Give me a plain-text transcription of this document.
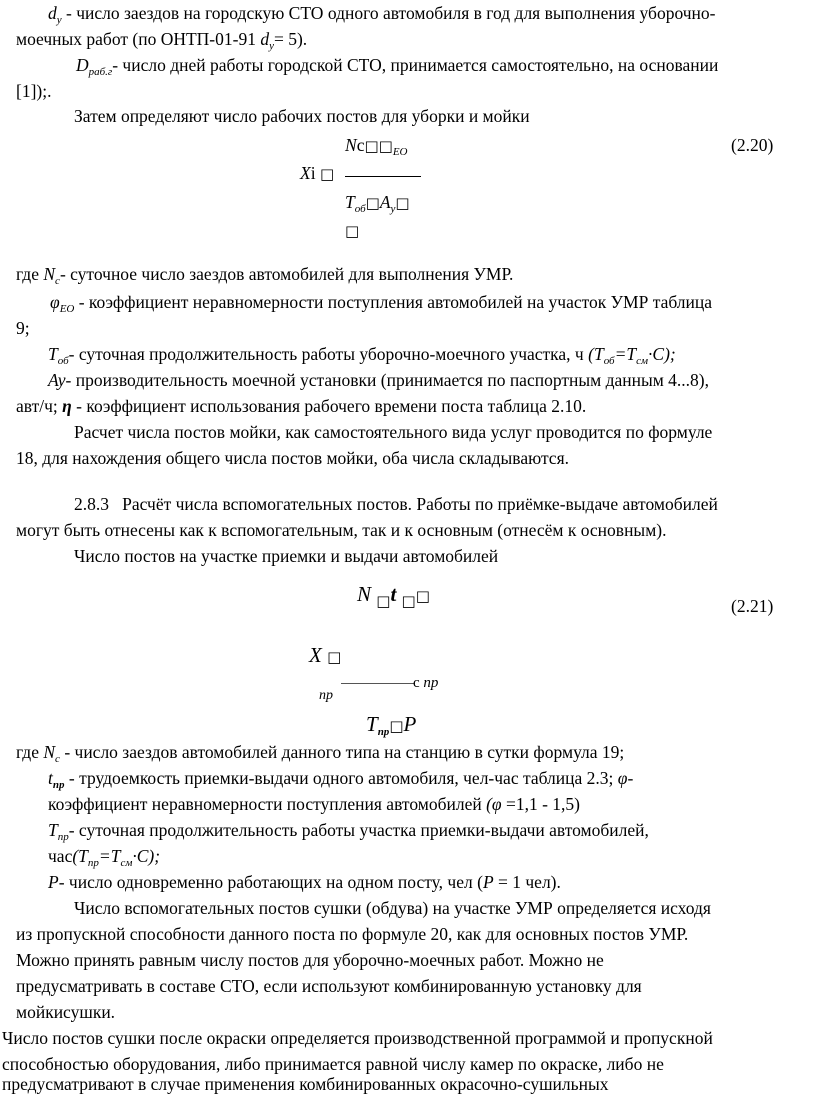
$d_у$ - число заездов на городскую СТО одного автомобиля в год для выполнения уборочно-
моечных работ (по ОНТП-01-91 $d_у= 5$).
$D_{раб.г}-$ число дней работы городской СТО, принимается самостоятельно, на основании
[1]);.
Затем определяют число рабочих постов для уборки и мойки
$Nс□□_{EO}$	(2.20)
Xi □
$T_{об}□A_у□$
□
где $N_с-$ суточное число заездов автомобилей для выполнения УМР.
$\varphi_{EO}$ - коэффициент неравномерности поступления автомобилей на участок УМР таблица
9;
$T_{об}-$ суточная продолжительность работы уборочно-моечного участка, ч $(T_{об}=T_{см}\cdot C)$;
Ay- производительность моечной установки (принимается по паспортным данным 4...8),
авт/ч; η - коэффициент использования рабочего времени поста таблица 2.10.
Расчет числа постов мойки, как самостоятельного вида услуг проводится по формуле
18, для нахождения общего числа постов мойки, оба числа складываются.
2.8.3 Расчёт числа вспомогательных постов. Работы по приёмке-выдаче автомобилей
могут быть отнесены как к вспомогательным, так и к основным (отнесём к основным).
Число постов на участке приемки и выдачи автомобилей
N $_□$t $_□$□	(2.21)
X □
с пр
пр
$T_{пр}□P$
где $N_с$ - число заездов автомобилей данного типа на станцию в сутки формула 19;
$t_{пр}$ - трудоемкость приемки-выдачи одного автомобиля, чел-час таблица 2.3; φ-
коэффициент неравномерности поступления автомобилей (φ =1,1 - 1,5)
$T_{пр}-$ суточная продолжительность работы участка приемки-выдачи автомобилей,
$час(T_{пр}=T_{см}\cdot C)$;
P- число одновременно работающих на одном посту, чел (P = 1 чел).
Число вспомогательных постов сушки (обдува) на участке УМР определяется исходя
из пропускной способности данного поста по формуле 20, как для основных постов УМР.
Можно принять равным числу постов для уборочно-моечных работ. Можно не
предусматривать в составе СТО, если используют комбинированную установку для
мойкисушки.
Число постов сушки после окраски определяется производственной программой и пропускной
способностью оборудования, либо принимается равной числу камер по окраске, либо не
предусматривают в случае применения комбинированных окрасочно-сушильных
